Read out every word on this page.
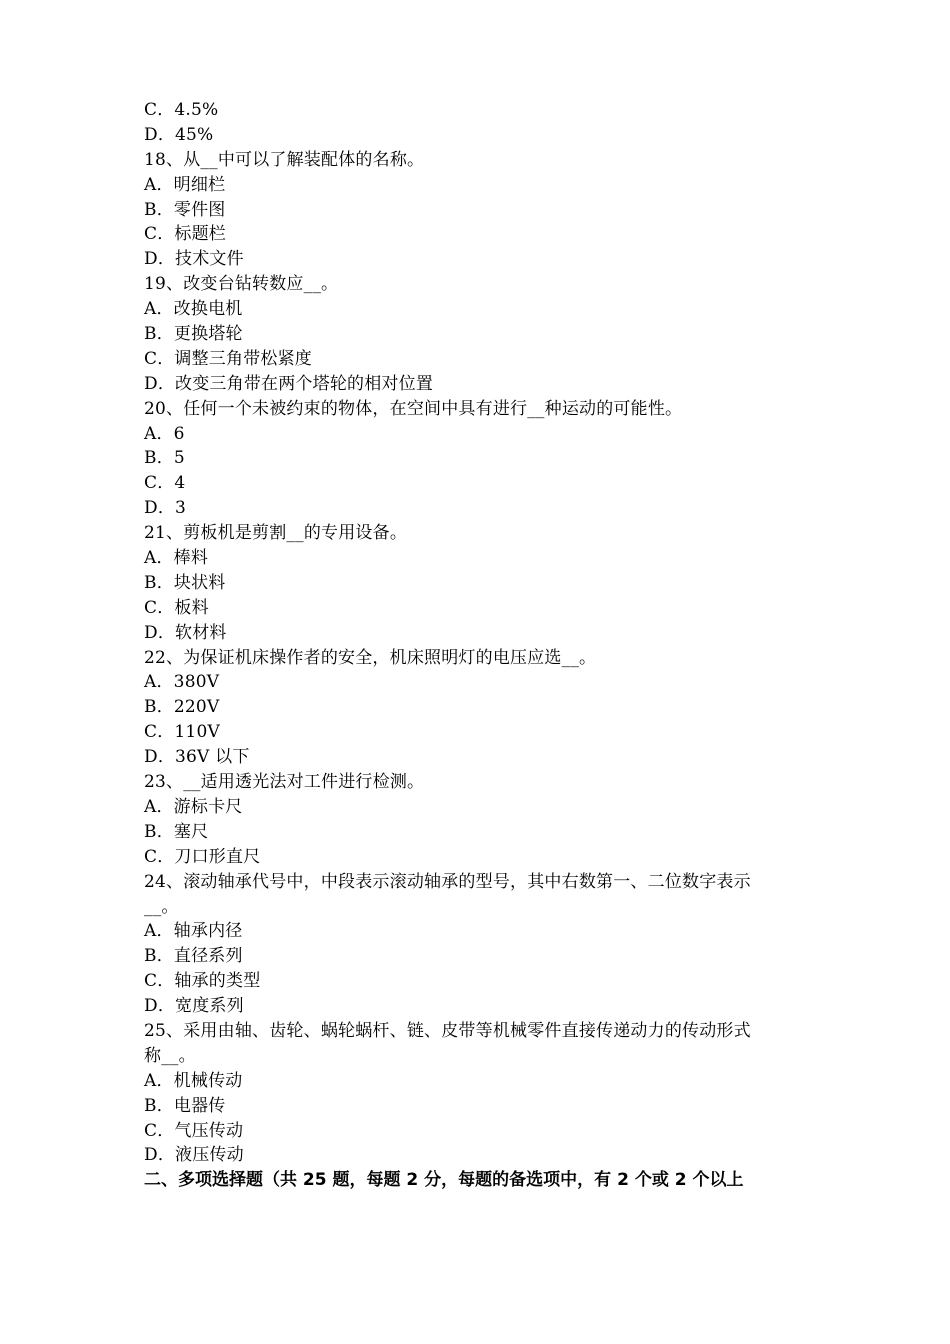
C．4.5%
D．45%
18、从__中可以了解装配体的名称。
A．明细栏
B．零件图
C．标题栏
D．技术文件
19、改变台钻转数应__。
A．改换电机
B．更换塔轮
C．调整三角带松紧度
D．改变三角带在两个塔轮的相对位置
20、任何一个未被约束的物体，在空间中具有进行__种运动的可能性。
A．6
B．5
C．4
D．3
21、剪板机是剪割__的专用设备。
A．棒料
B．块状料
C．板料
D．软材料
22、为保证机床操作者的安全，机床照明灯的电压应选__。
A．380V
B．220V
C．110V
D．36V 以下
23、__适用透光法对工件进行检测。
A．游标卡尺
B．塞尺
C．刀口形直尺
24、滚动轴承代号中，中段表示滚动轴承的型号，其中右数第一、二位数字表示
__。
A．轴承内径
B．直径系列
C．轴承的类型
D．宽度系列
25、采用由轴、齿轮、蜗轮蜗杆、链、皮带等机械零件直接传递动力的传动形式
称__。
A．机械传动
B．电器传
C．气压传动
D．液压传动
二、多项选择题（共 25 题，每题 2 分，每题的备选项中，有 2 个或 2 个以上
